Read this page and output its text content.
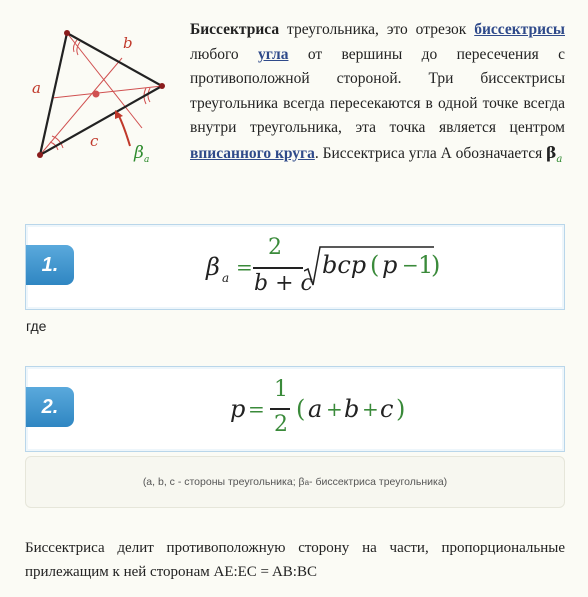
a
b
c
β a
Биссектриса треугольника, это отрезок биссектрисы любого угла от вершины до пересечения с противоположной стороной. Три биссектрисы треугольника всегда пересекаются в одной точке всегда внутри треугольника, эта точка является центром вписанного круга. Биссектриса угла А обозначается $\beta_a$
1.	β a =
2
b + c
bcp ( p − 1
)
где
2.	p =
1
2
( a + b + c )
(a, b, c - стороны треугольника; β a - биссектриса треугольника)
Биссектриса делит противоположную сторону на части, пропорциональные прилежащим к ней сторонам AE:EC = AB:BC
